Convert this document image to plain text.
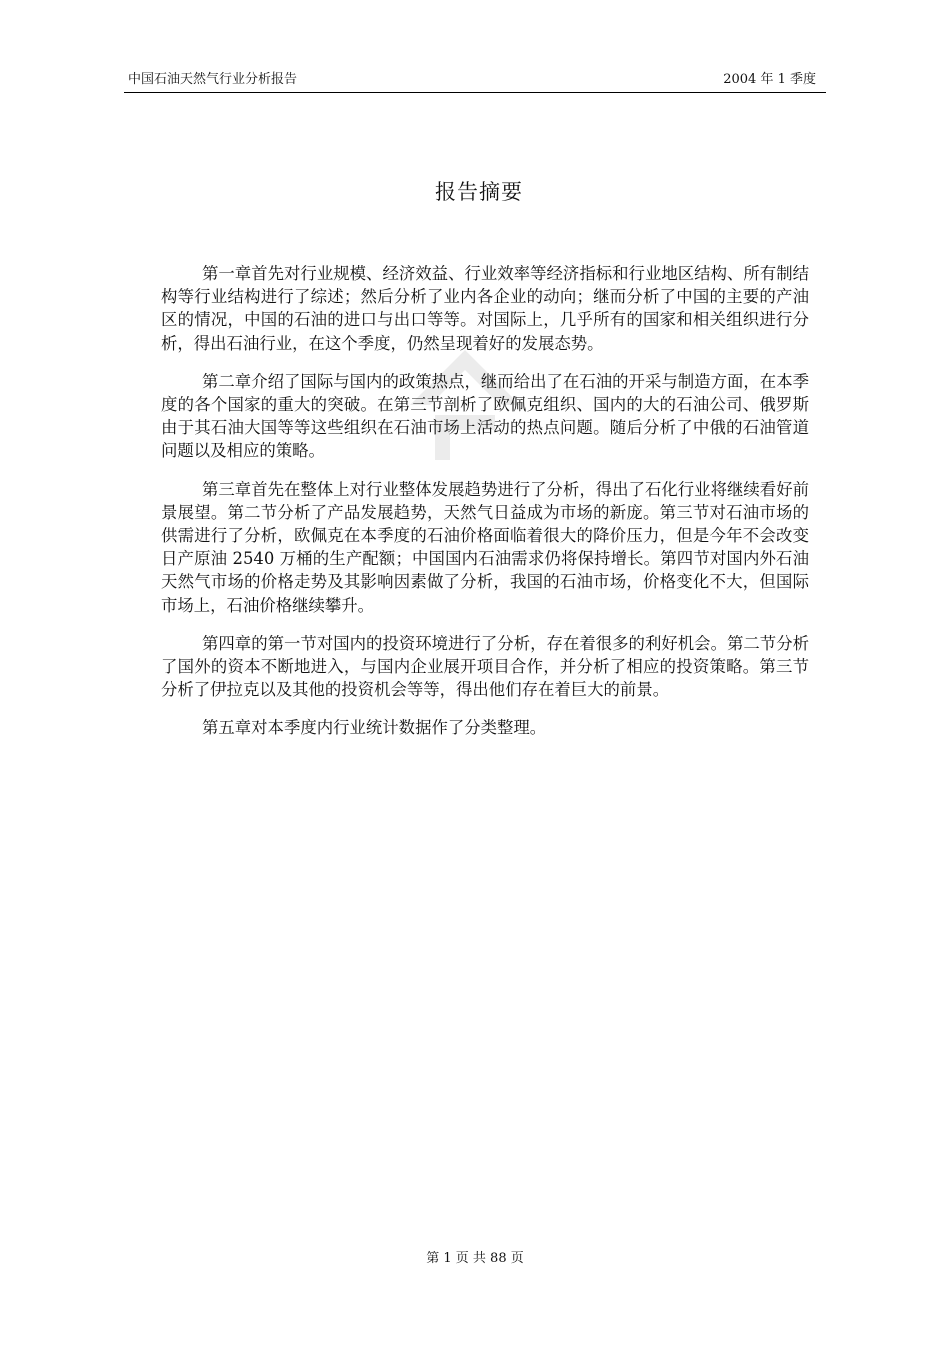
中国石油天然气行业分析报告	2004 年 1 季度
报告摘要

第一章首先对行业规模、经济效益、行业效率等经济指标和行业地区结构、所有制结构等行业结构进行了综述；然后分析了业内各企业的动向；继而分析了中国的主要的产油区的情况，中国的石油的进口与出口等等。对国际上，几乎所有的国家和相关组织进行分析，得出石油行业，在这个季度，仍然呈现着好的发展态势。

第二章介绍了国际与国内的政策热点，继而给出了在石油的开采与制造方面，在本季度的各个国家的重大的突破。在第三节剖析了欧佩克组织、国内的大的石油公司、俄罗斯由于其石油大国等等这些组织在石油市场上活动的热点问题。随后分析了中俄的石油管道问题以及相应的策略。

第三章首先在整体上对行业整体发展趋势进行了分析，得出了石化行业将继续看好前景展望。第二节分析了产品发展趋势，天然气日益成为市场的新庞。第三节对石油市场的供需进行了分析，欧佩克在本季度的石油价格面临着很大的降价压力，但是今年不会改变日产原油 2540 万桶的生产配额；中国国内石油需求仍将保持增长。第四节对国内外石油天然气市场的价格走势及其影响因素做了分析，我国的石油市场，价格变化不大，但国际市场上，石油价格继续攀升。

第四章的第一节对国内的投资环境进行了分析，存在着很多的利好机会。第二节分析了国外的资本不断地进入，与国内企业展开项目合作，并分析了相应的投资策略。第三节分析了伊拉克以及其他的投资机会等等，得出他们存在着巨大的前景。

第五章对本季度内行业统计数据作了分类整理。

第 1 页 共 88 页
